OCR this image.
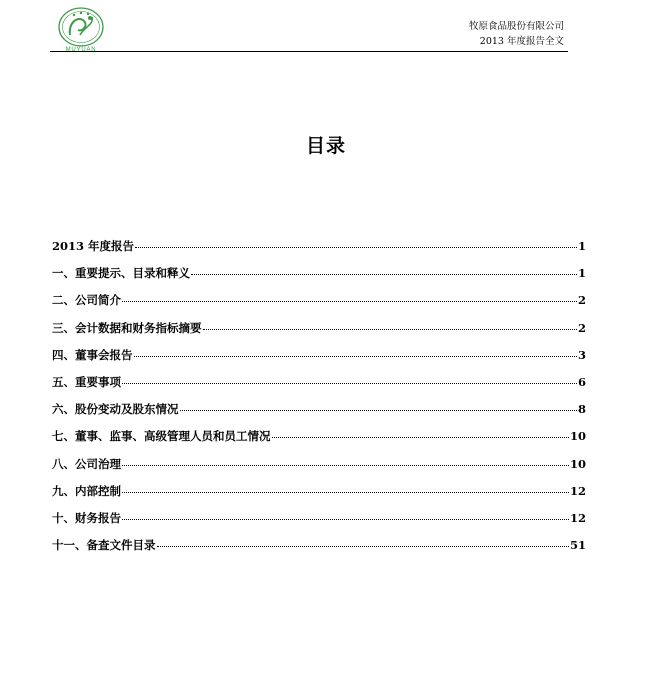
MUYUAN
牧原食品股份有限公司
2013 年度报告全文
目录
2013 年度报告	1
一、重要提示、目录和释义	1
二、公司简介	2
三、会计数据和财务指标摘要	2
四、董事会报告	3
五、重要事项	6
六、股份变动及股东情况	8
七、董事、监事、高级管理人员和员工情况	10
八、公司治理	10
九、内部控制	12
十、财务报告	12
十一、备查文件目录	51
